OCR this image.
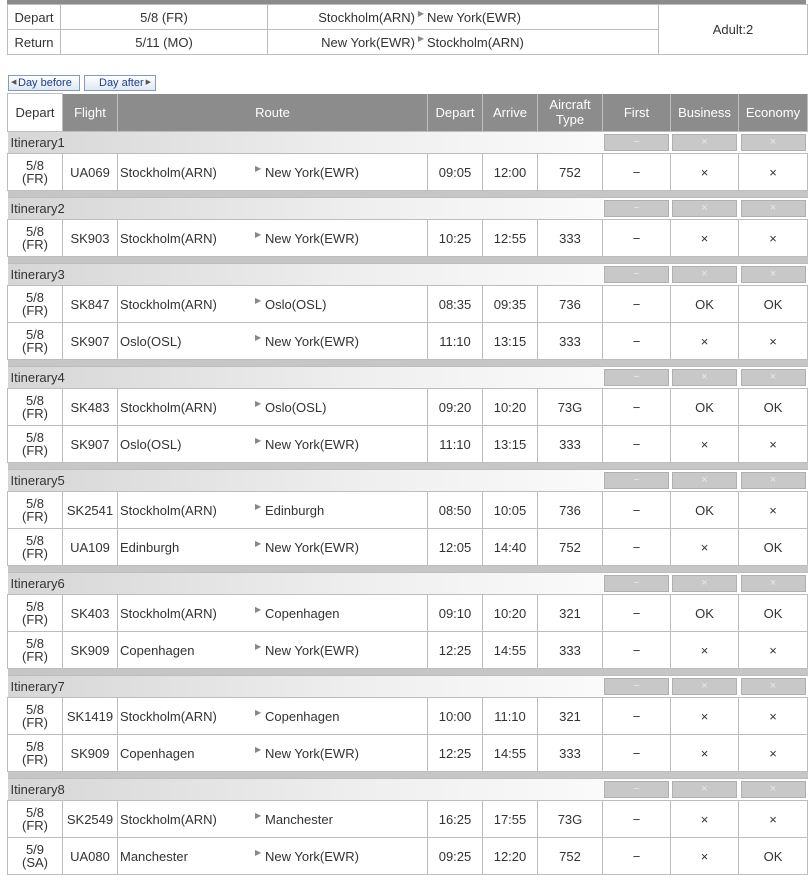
Depart	5/8 (FR)	Stockholm(ARN) ▶ New York(EWR)	Adult:2
Return	5/11 (MO)	New York(EWR) ▶ Stockholm(ARN)	
◀ Day before Day after ▶
Depart	Flight	Route	Depart	Arrive	Aircraft
Type	First	Business	Economy
Itinerary1						−	×	×

5/8
(FR)	UA069	Stockholm(ARN) ▶ New York(EWR)	09:05	12:00	752	−	×	×

Itinerary2						−	×	×

5/8
(FR)	SK903	Stockholm(ARN) ▶ New York(EWR)	10:25	12:55	333	−	×	×

Itinerary3						−	×	×

5/8
(FR)	SK847	Stockholm(ARN) ▶ Oslo(OSL)	08:35	09:35	736	−	OK	OK
5/8
(FR)	SK907	Oslo(OSL) ▶ New York(EWR)	11:10	13:15	333	−	×	×

Itinerary4						−	×	×

5/8
(FR)	SK483	Stockholm(ARN) ▶ Oslo(OSL)	09:20	10:20	73G	−	OK	OK
5/8
(FR)	SK907	Oslo(OSL) ▶ New York(EWR)	11:10	13:15	333	−	×	×

Itinerary5						−	×	×

5/8
(FR)	SK2541	Stockholm(ARN) ▶ Edinburgh	08:50	10:05	736	−	OK	×
5/8
(FR)	UA109	Edinburgh ▶ New York(EWR)	12:05	14:40	752	−	×	OK

Itinerary6						−	×	×

5/8
(FR)	SK403	Stockholm(ARN) ▶ Copenhagen	09:10	10:20	321	−	OK	OK
5/8
(FR)	SK909	Copenhagen ▶ New York(EWR)	12:25	14:55	333	−	×	×

Itinerary7						−	×	×

5/8
(FR)	SK1419	Stockholm(ARN) ▶ Copenhagen	10:00	11:10	321	−	×	×
5/8
(FR)	SK909	Copenhagen ▶ New York(EWR)	12:25	14:55	333	−	×	×

Itinerary8						−	×	×

5/8
(FR)	SK2549	Stockholm(ARN) ▶ Manchester	16:25	17:55	73G	−	×	×
5/9
(SA)	UA080	Manchester ▶ New York(EWR)	09:25	12:20	752	−	×	OK
